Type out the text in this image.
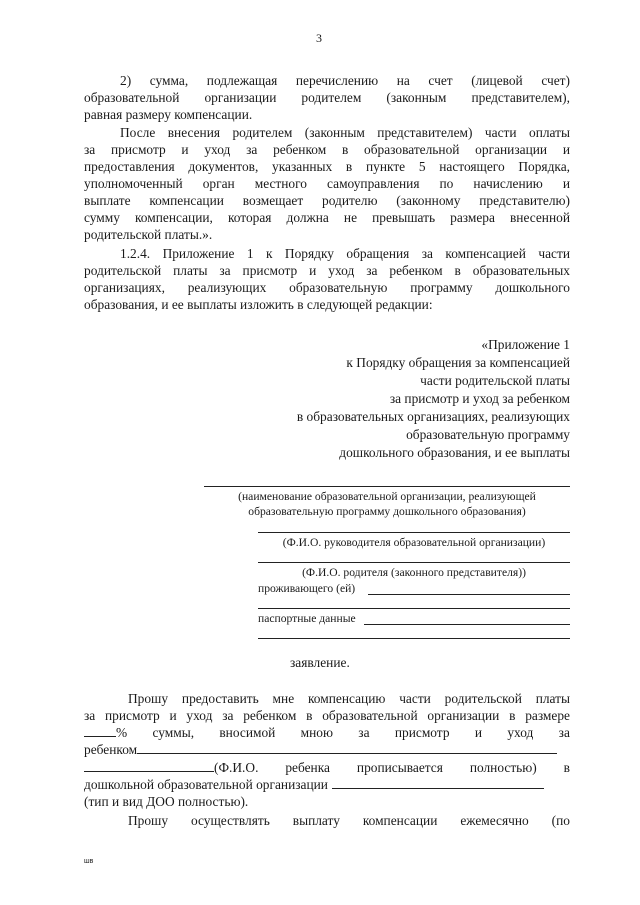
3
2) сумма, подлежащая перечислению на счет (лицевой счет)
образовательной организации родителем (законным представителем),
равная размеру компенсации.
После внесения родителем (законным представителем) части оплаты
за присмотр и уход за ребенком в образовательной организации и
предоставления документов, указанных в пункте 5 настоящего Порядка,
уполномоченный орган местного самоуправления по начислению и
выплате компенсации возмещает родителю (законному представителю)
сумму компенсации, которая должна не превышать размера внесенной
родительской платы.».
1.2.4. Приложение 1 к Порядку обращения за компенсацией части
родительской платы за присмотр и уход за ребенком в образовательных
организациях, реализующих образовательную программу дошкольного
образования, и ее выплаты изложить в следующей редакции:
«Приложение 1
к Порядку обращения за компенсацией
части родительской платы
за присмотр и уход за ребенком
в образовательных организациях, реализующих
образовательную программу
дошкольного образования, и ее выплаты
(наименование образовательной организации, реализующей
образовательную программу дошкольного образования)
(Ф.И.О. руководителя образовательной организации)
(Ф.И.О. родителя (законного представителя))
проживающего (ей)
паспортные данные
заявление.
Прошу предоставить мне компенсацию части родительской платы
за присмотр и уход за ребенком в образовательной организации в размере
% суммы, вносимой мною за присмотр и уход за
ребенком
(Ф.И.О. ребенка прописывается полностью) в
дошкольной образовательной организации
(тип и вид ДОО полностью).
Прошу осуществлять выплату компенсации ежемесячно (по
шв
